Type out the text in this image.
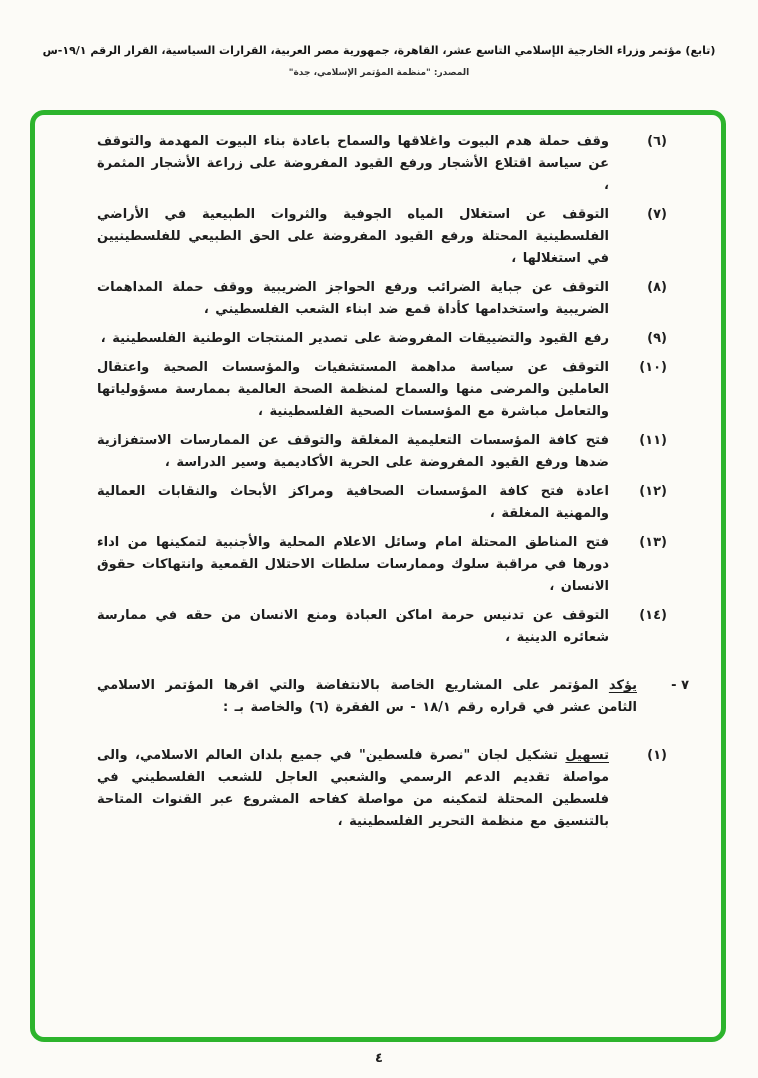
(تابع) مؤتمر وزراء الخارجية الإسلامي التاسع عشر، القاهرة، جمهورية مصر العربية، القرارات السياسية، القرار الرقم ١٩/١-س
المصدر: "منظمة المؤتمر الإسلامي، جدة"
(٦)
وقف حملة هدم البيوت واغلاقها والسماح باعادة بناء البيوت المهدمة والتوقف عن سياسة اقتلاع الأشجار ورفع القيود المفروضة على زراعة الأشجار المثمرة ،
(٧)
التوقف عن استغلال المياه الجوفية والثروات الطبيعية في الأراضي الفلسطينية المحتلة ورفع القيود المفروضة على الحق الطبيعي للفلسطينيين في استغلالها ،
(٨)
التوقف عن جباية الضرائب ورفع الحواجز الضريبية ووقف حملة المداهمات الضريبية واستخدامها كأداة قمع ضد ابناء الشعب الفلسطيني ،
(٩)
رفع القيود والتضييقات المفروضة على تصدير المنتجات الوطنية الفلسطينية ،
(١٠)
التوقف عن سياسة مداهمة المستشفيات والمؤسسات الصحية واعتقال العاملين والمرضى منها والسماح لمنظمة الصحة العالمية بممارسة مسؤولياتها والتعامل مباشرة مع المؤسسات الصحية الفلسطينية ،
(١١)
فتح كافة المؤسسات التعليمية المغلقة والتوقف عن الممارسات الاستفزازية ضدها ورفع القيود المفروضة على الحرية الأكاديمية وسير الدراسة ،
(١٢)
اعادة فتح كافة المؤسسات الصحافية ومراكز الأبحاث والنقابات العمالية والمهنية المغلقة ،
(١٣)
فتح المناطق المحتلة امام وسائل الاعلام المحلية والأجنبية لتمكينها من اداء دورها في مراقبة سلوك وممارسات سلطات الاحتلال القمعية وانتهاكات حقوق الانسان ،
(١٤)
التوقف عن تدنيس حرمة اماكن العبادة ومنع الانسان من حقه في ممارسة شعائره الدينية ،
٧ -
يؤكد المؤتمر على المشاريع الخاصة بالانتفاضة والتي اقرها المؤتمر الاسلامي الثامن عشر في قراره رقم ١٨/١ - س الفقرة (٦) والخاصة بـ :
(١)
تسهيل تشكيل لجان "نصرة فلسطين" في جميع بلدان العالم الاسلامي، والى مواصلة تقديم الدعم الرسمي والشعبي العاجل للشعب الفلسطيني في فلسطين المحتلة لتمكينه من مواصلة كفاحه المشروع عبر القنوات المتاحة بالتنسيق مع منظمة التحرير الفلسطينية ،
٤
